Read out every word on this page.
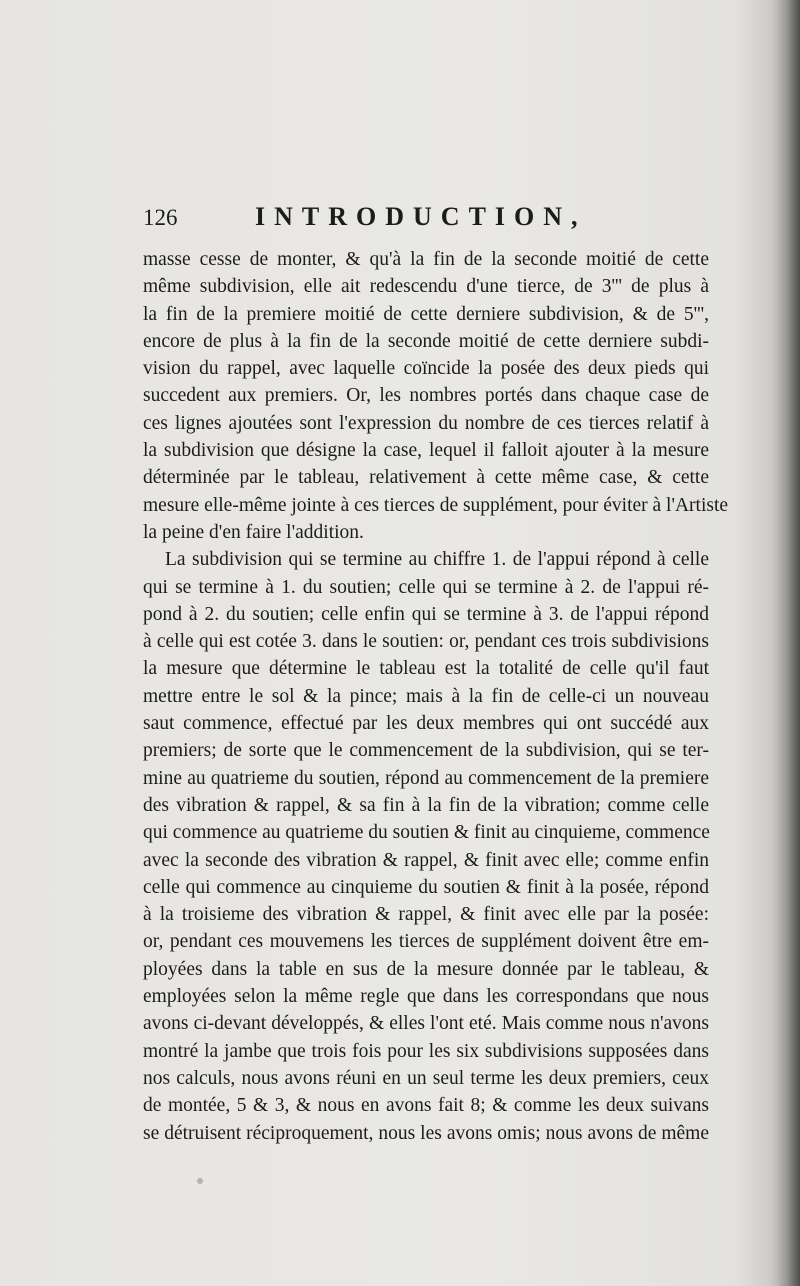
126	INTRODUCTION,
masse cesse de monter, & qu'à la fin de la seconde moitié de cette
même subdivision, elle ait redescendu d'une tierce, de 3''' de plus à
la fin de la premiere moitié de cette derniere subdivision, & de 5''',
encore de plus à la fin de la seconde moitié de cette derniere subdi-
vision du rappel, avec laquelle coïncide la posée des deux pieds qui
succedent aux premiers. Or, les nombres portés dans chaque case de
ces lignes ajoutées sont l'expression du nombre de ces tierces relatif à
la subdivision que désigne la case, lequel il falloit ajouter à la mesure
déterminée par le tableau, relativement à cette même case, & cette
mesure elle-même jointe à ces tierces de supplément, pour éviter à l'Artiste
la peine d'en faire l'addition.
La subdivision qui se termine au chiffre 1. de l'appui répond à celle
qui se termine à 1. du soutien; celle qui se termine à 2. de l'appui ré-
pond à 2. du soutien; celle enfin qui se termine à 3. de l'appui répond
à celle qui est cotée 3. dans le soutien: or, pendant ces trois subdivisions
la mesure que détermine le tableau est la totalité de celle qu'il faut
mettre entre le sol & la pince; mais à la fin de celle-ci un nouveau
saut commence, effectué par les deux membres qui ont succédé aux
premiers; de sorte que le commencement de la subdivision, qui se ter-
mine au quatrieme du soutien, répond au commencement de la premiere
des vibration & rappel, & sa fin à la fin de la vibration; comme celle
qui commence au quatrieme du soutien & finit au cinquieme, commence
avec la seconde des vibration & rappel, & finit avec elle; comme enfin
celle qui commence au cinquieme du soutien & finit à la posée, répond
à la troisieme des vibration & rappel, & finit avec elle par la posée:
or, pendant ces mouvemens les tierces de supplément doivent être em-
ployées dans la table en sus de la mesure donnée par le tableau, &
employées selon la même regle que dans les correspondans que nous
avons ci-devant développés, & elles l'ont eté. Mais comme nous n'avons
montré la jambe que trois fois pour les six subdivisions supposées dans
nos calculs, nous avons réuni en un seul terme les deux premiers, ceux
de montée, 5 & 3, & nous en avons fait 8; & comme les deux suivans
se détruisent réciproquement, nous les avons omis; nous avons de même
